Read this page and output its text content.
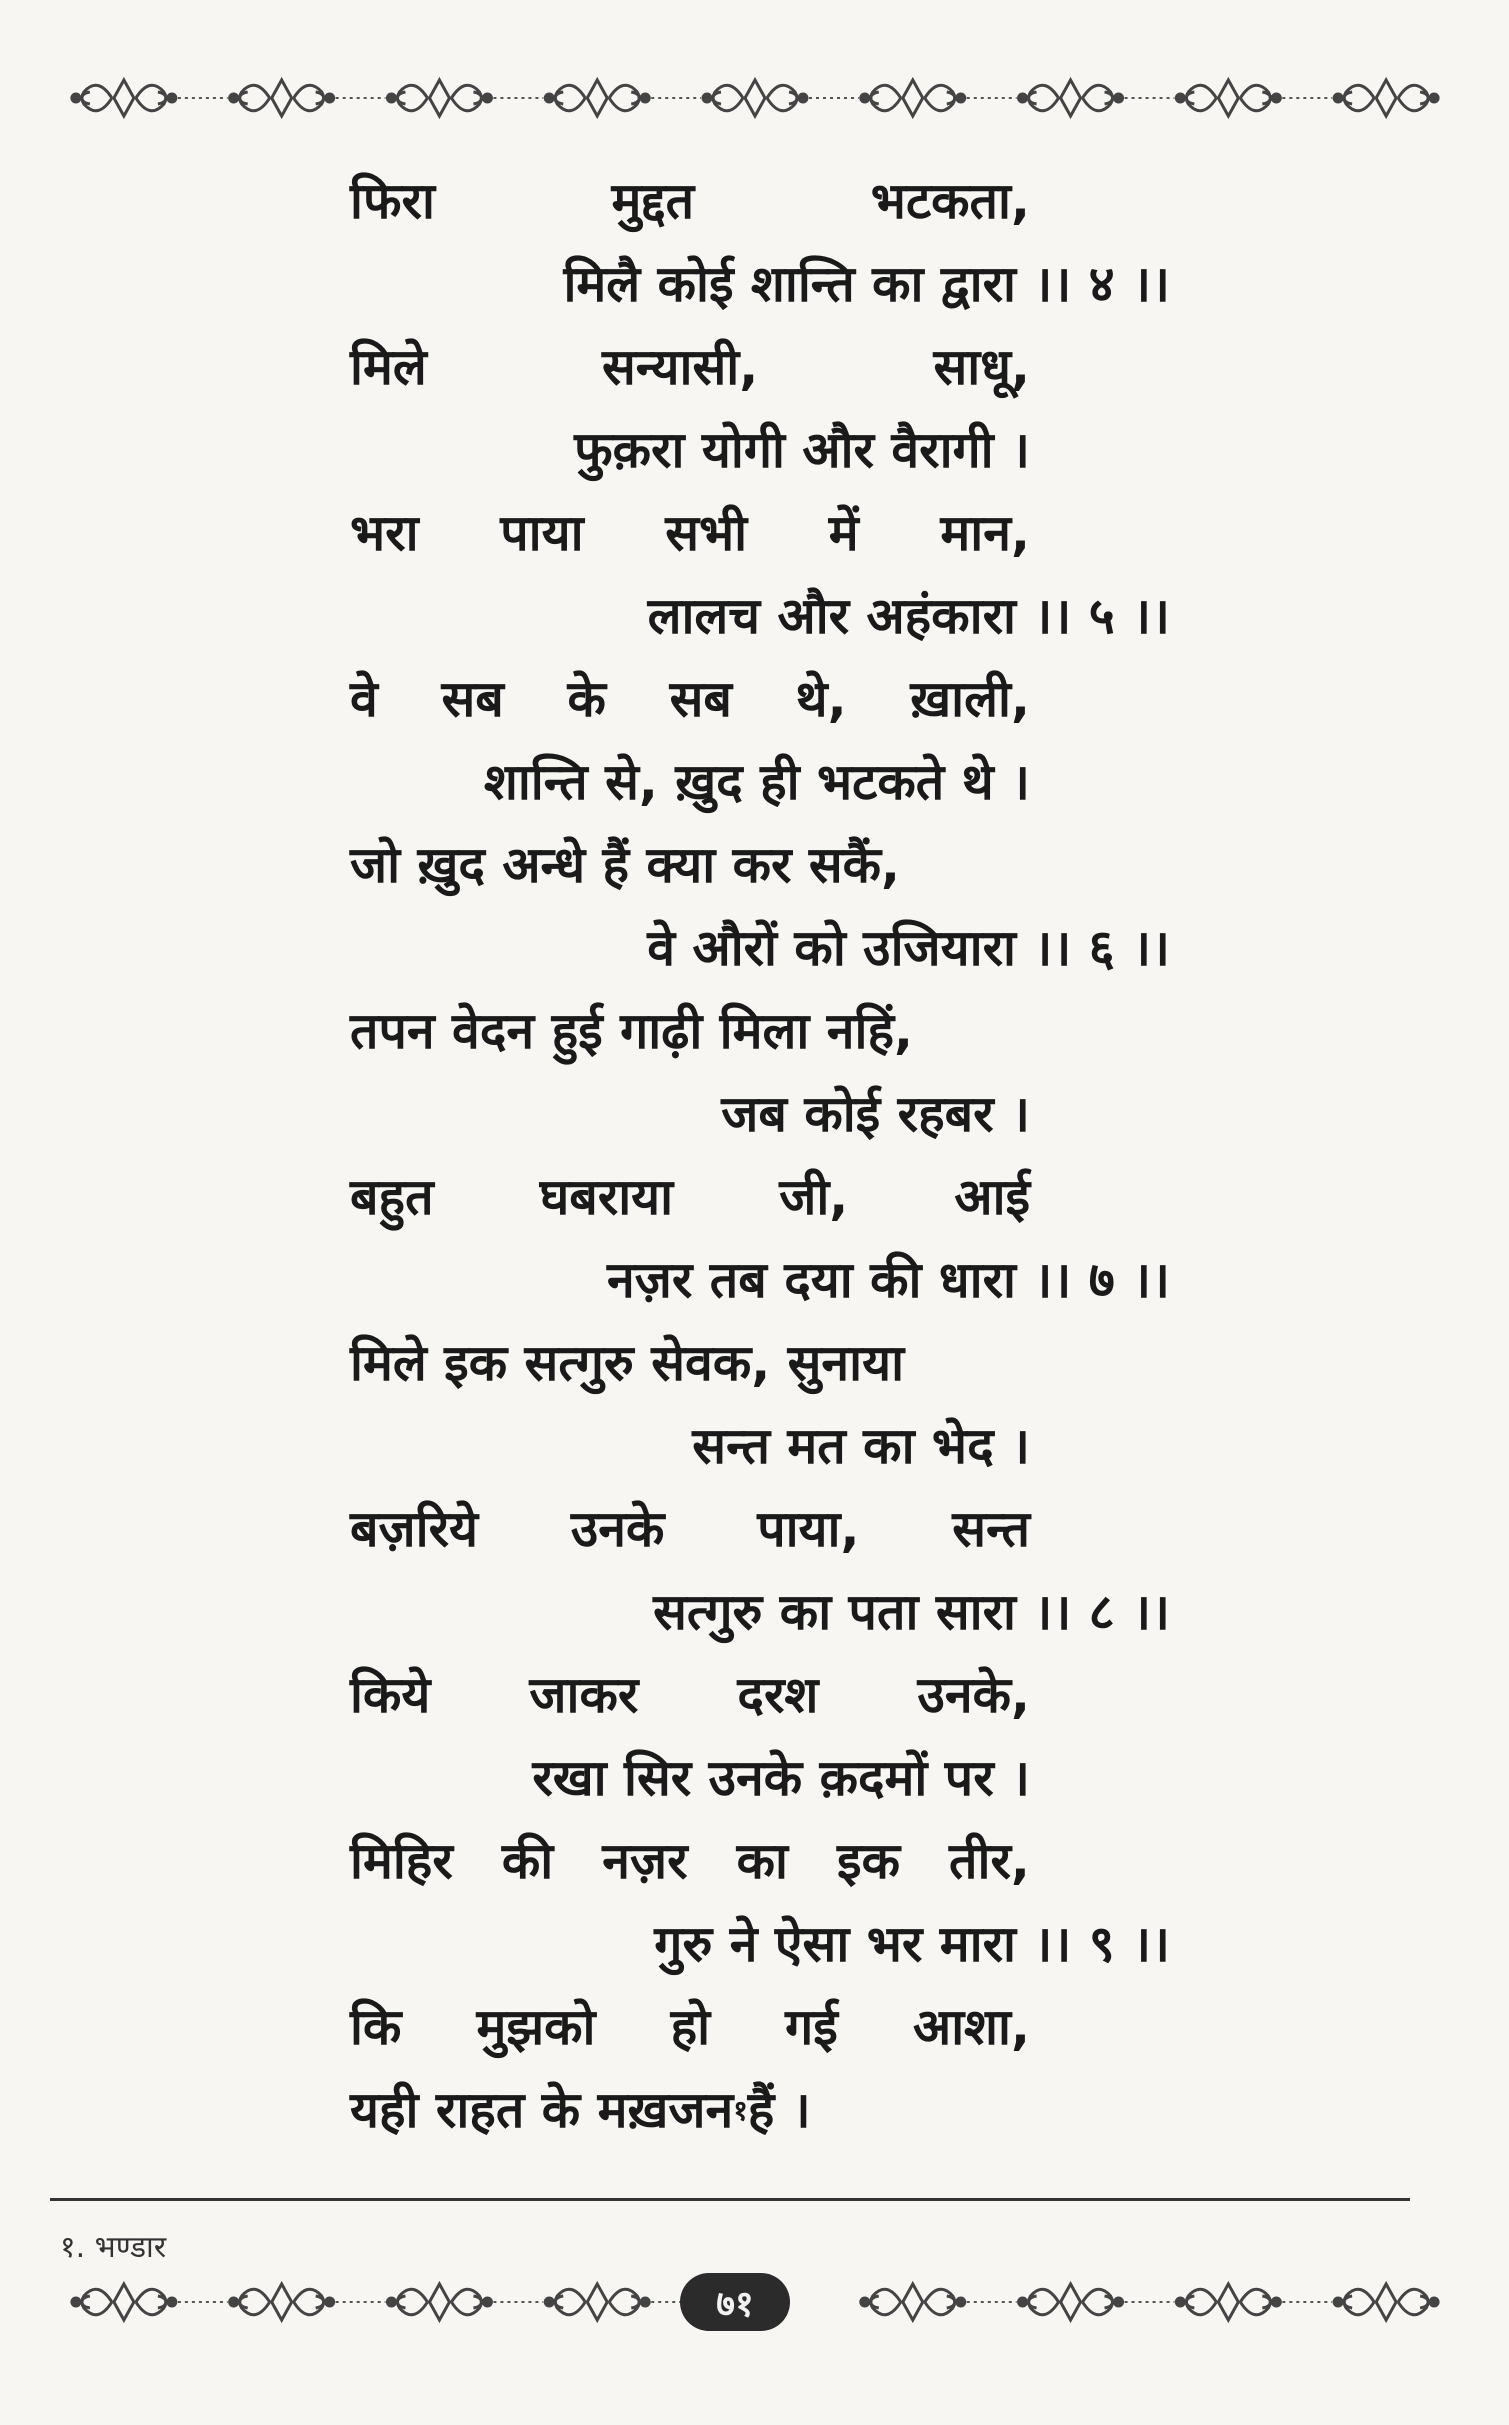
फिरा	मुद्दत	भटकता,
मिलै कोई शान्ति का द्वारा ।। ४ ।।
मिले	सन्यासी,	साधू,
फुक़रा योगी और वैरागी ।
भरा पाया सभी में मान,
लालच और अहंकारा ।। ५ ।।
वे सब के सब थे, ख़ाली,
शान्ति से, ख़ुद ही भटकते थे ।
जो ख़ुद अन्धे हैं क्या कर सकैं,
वे औरों को उजियारा ।। ६ ।।
तपन वेदन हुई गाढ़ी मिला नहिं,
जब कोई रहबर ।
बहुत घबराया जी, आई
नज़र तब दया की धारा ।। ७ ।।
मिले इक सत्गुरु सेवक, सुनाया
सन्त मत का भेद ।
बज़रिये उनके पाया, सन्त
सत्गुरु का पता सारा ।। ८ ।।
किये जाकर दरश उनके,
रखा सिर उनके क़दमों पर ।
मिहिर की नज़र का इक तीर,
गुरु ने ऐसा भर मारा ।। ९ ।।
कि मुझको हो गई आशा,
यही राहत के मख़जन १ हैं ।
१. भण्डार
७१
